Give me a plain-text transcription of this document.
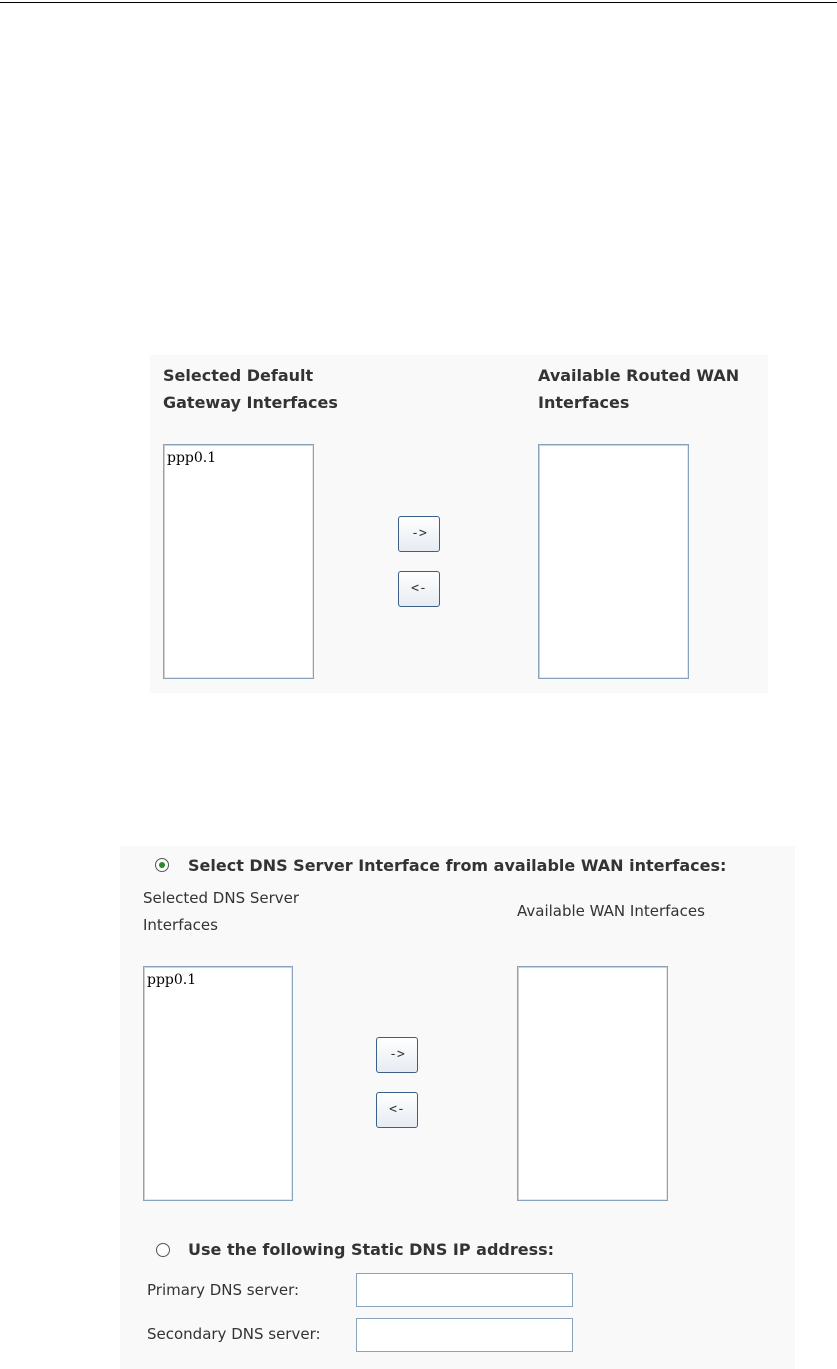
Selected Default Gateway Interfaces
Available Routed WAN Interfaces
ppp0.1
->
<-
Select DNS Server Interface from available WAN interfaces:
Selected DNS Server Interfaces
Available WAN Interfaces
ppp0.1
->
<-
Use the following Static DNS IP address:
Primary DNS server:
Secondary DNS server:
